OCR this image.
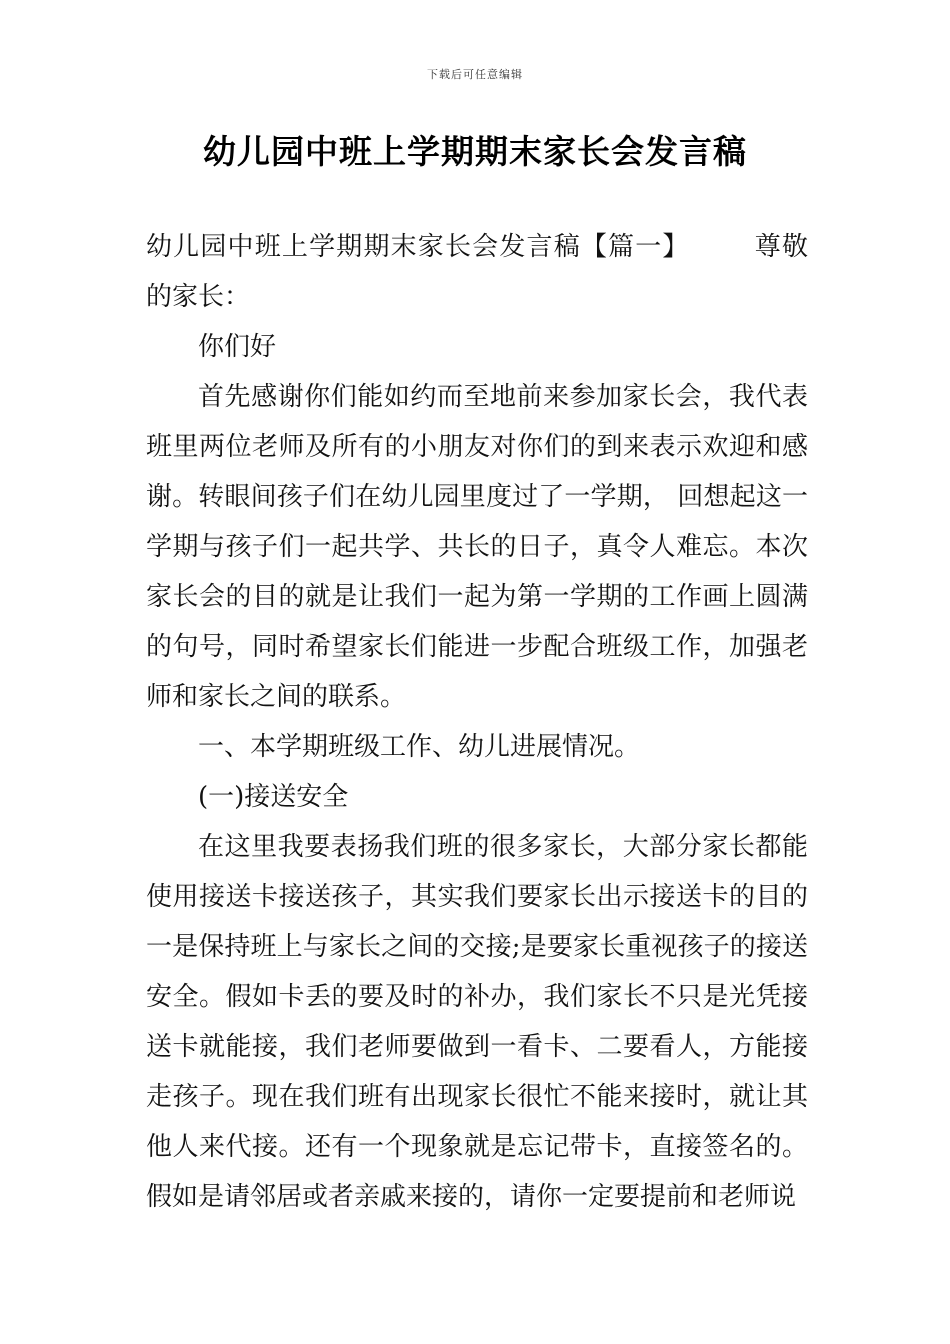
下载后可任意编辑
幼儿园中班上学期期末家长会发言稿

幼儿园中班上学期期末家长会发言稿【篇一】 尊敬的家长：

你们好

首先感谢你们能如约而至地前来参加家长会，我代表班里两位老师及所有的小朋友对你们的到来表示欢迎和感谢。转眼间孩子们在幼儿园里度过了一学期， 回想起这一学期与孩子们一起共学、共长的日子，真令人难忘。本次家长会的目的就是让我们一起为第一学期的工作画上圆满的句号，同时希望家长们能进一步配合班级工作，加强老师和家长之间的联系。

一、本学期班级工作、幼儿进展情况。

(一)接送安全

在这里我要表扬我们班的很多家长，大部分家长都能使用接送卡接送孩子，其实我们要家长出示接送卡的目的一是保持班上与家长之间的交接;是要家长重视孩子的接送安全。假如卡丢的要及时的补办，我们家长不只是光凭接送卡就能接，我们老师要做到一看卡、二要看人，方能接走孩子。现在我们班有出现家长很忙不能来接时，就让其他人来代接。还有一个现象就是忘记带卡，直接签名的。假如是请邻居或者亲戚来接的，请你一定要提前和老师说
